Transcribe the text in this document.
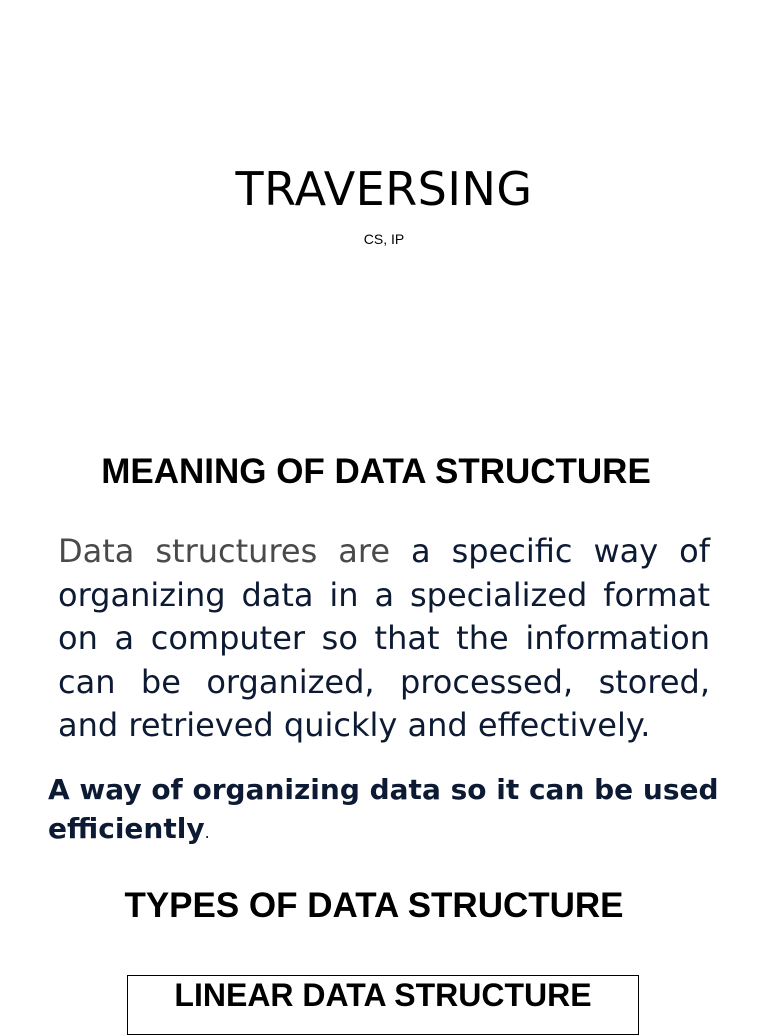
TRAVERSING
CS, IP
MEANING OF DATA STRUCTURE
Data structures are a specific way of organizing data in a specialized format on a computer so that the information can be organized, processed, stored, and retrieved quickly and effectively.
A way of organizing data so it can be used efficiently.
TYPES OF DATA STRUCTURE
LINEAR DATA STRUCTURE
